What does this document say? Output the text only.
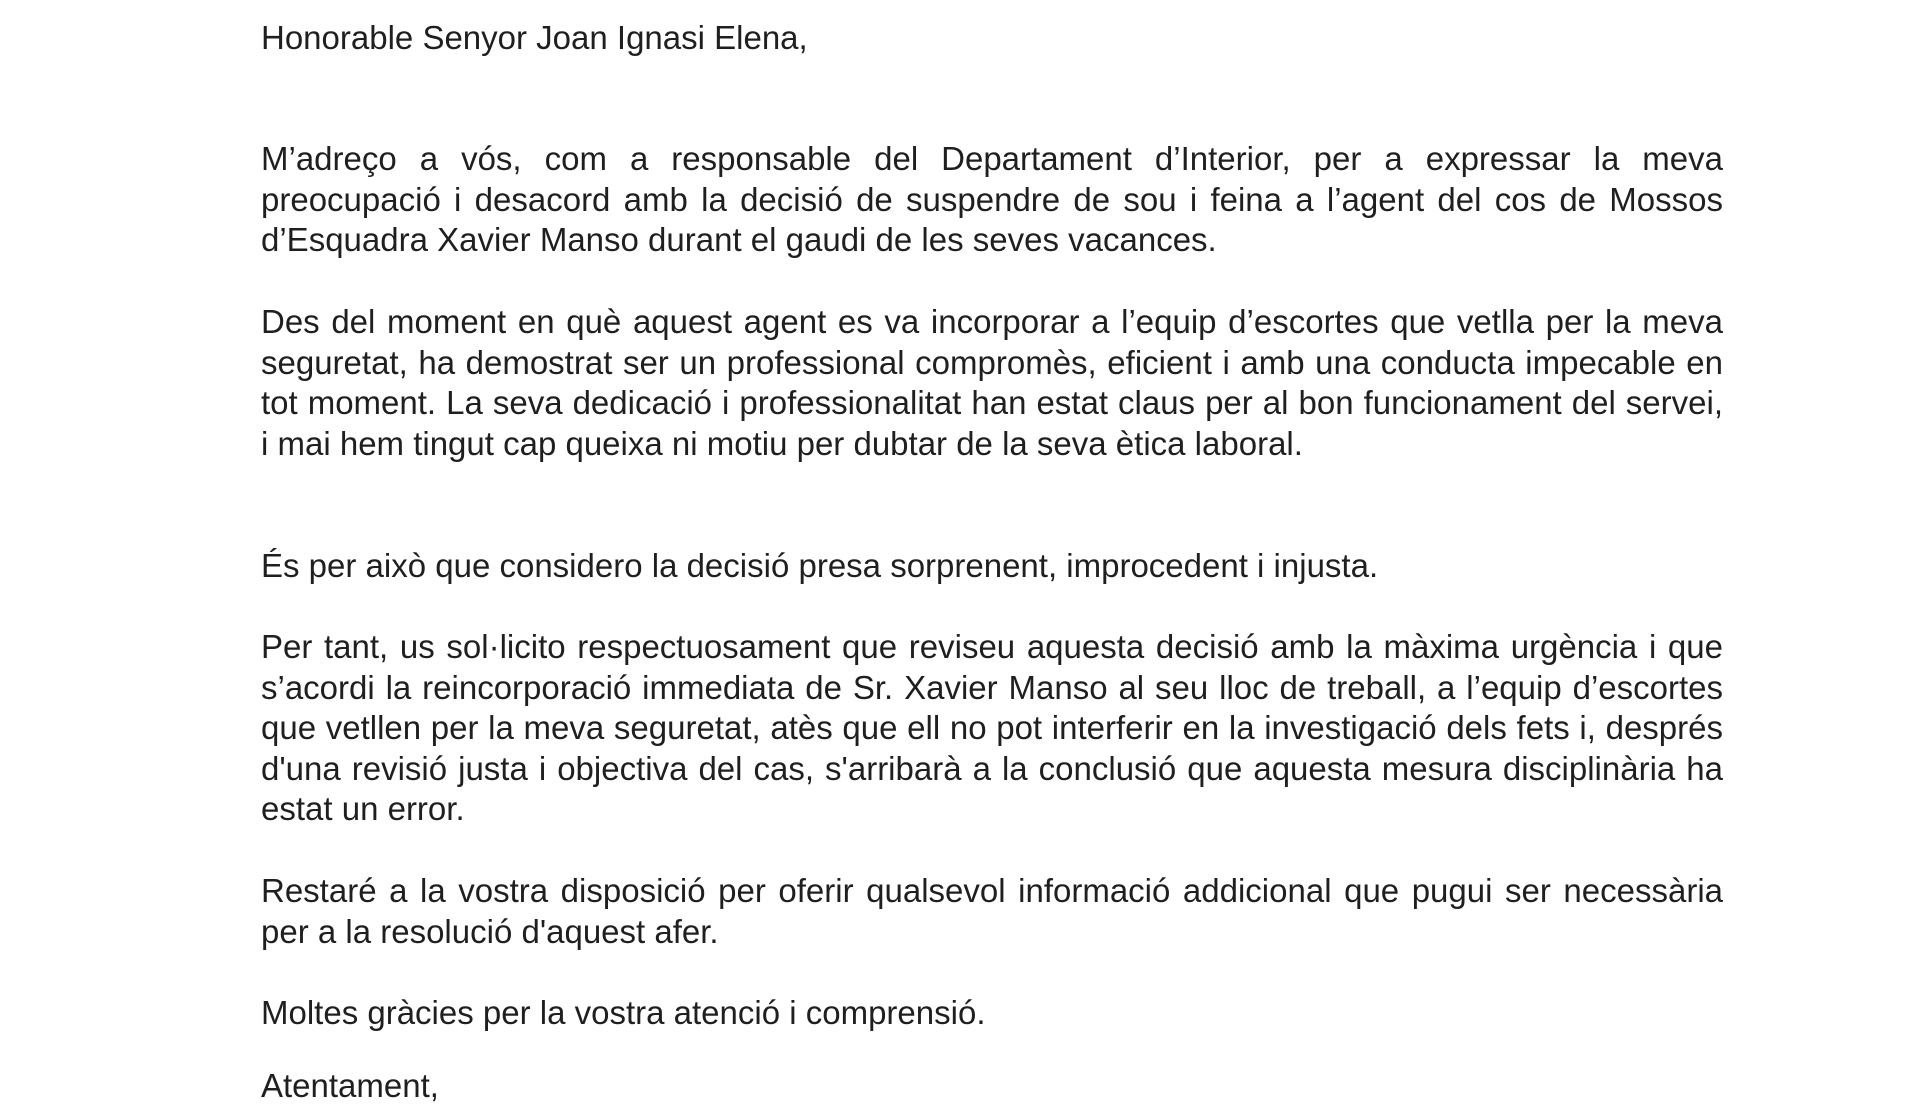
Honorable Senyor Joan Ignasi Elena,

M’adreço a vós, com a responsable del Departament d’Interior, per a expressar la meva preocupació i desacord amb la decisió de suspendre de sou i feina a l’agent del cos de Mossos d’Esquadra Xavier Manso durant el gaudi de les seves vacances.

Des del moment en què aquest agent es va incorporar a l’equip d’escortes que vetlla per la meva seguretat, ha demostrat ser un professional compromès, eficient i amb una conducta impecable en tot moment. La seva dedicació i professionalitat han estat claus per al bon funcionament del servei, i mai hem tingut cap queixa ni motiu per dubtar de la seva ètica laboral.

És per això que considero la decisió presa sorprenent, improcedent i injusta.

Per tant, us sol·licito respectuosament que reviseu aquesta decisió amb la màxima urgència i que s’acordi la reincorporació immediata de Sr. Xavier Manso al seu lloc de treball, a l’equip d’escortes que vetllen per la meva seguretat, atès que ell no pot interferir en la investigació dels fets i, després d'una revisió justa i objectiva del cas, s'arribarà a la conclusió que aquesta mesura disciplinària ha estat un error.

Restaré a la vostra disposició per oferir qualsevol informació addicional que pugui ser necessària per a la resolució d'aquest afer.

Moltes gràcies per la vostra atenció i comprensió.

Atentament,
